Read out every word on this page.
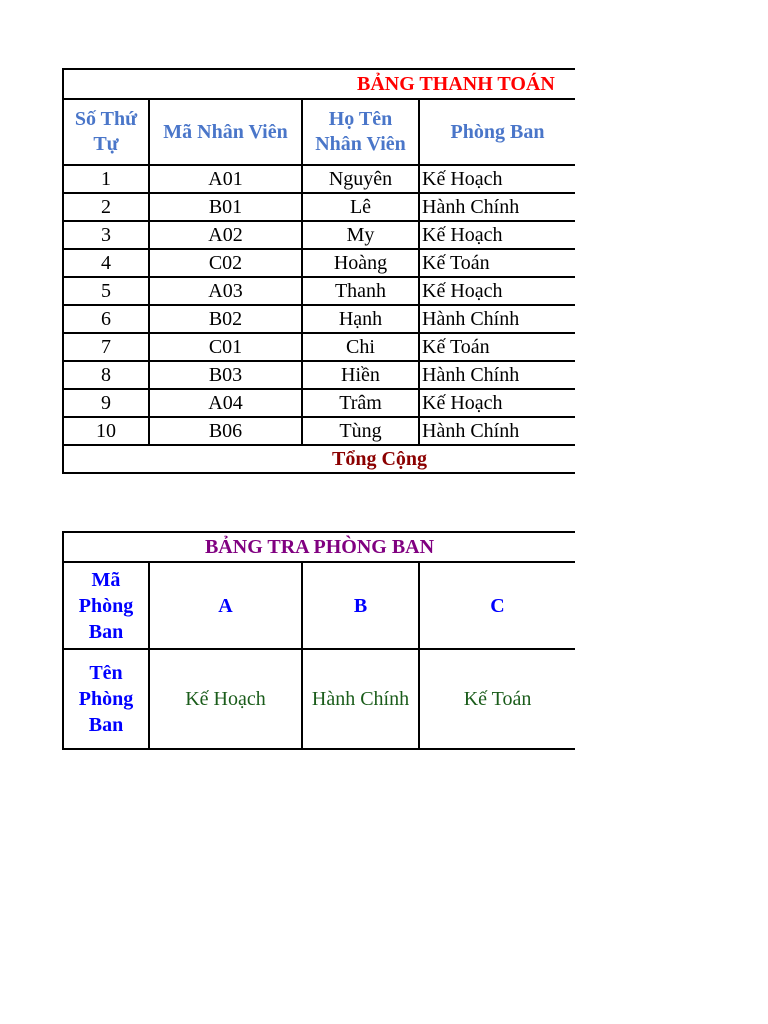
BẢNG THANH TOÁN				
Số Thứ Tự	Mã Nhân Viên	Họ Tên Nhân Viên	Phòng Ban	
1	A01	Nguyên	Kế Hoạch	
2	B01	Lê	Hành Chính	
3	A02	My	Kế Hoạch	
4	C02	Hoàng	Kế Toán	
5	A03	Thanh	Kế Hoạch	
6	B02	Hạnh	Hành Chính	
7	C01	Chi	Kế Toán	
8	B03	Hiền	Hành Chính	
9	A04	Trâm	Kế Hoạch	
10	B06	Tùng	Hành Chính	
Tổng Cộng				
BẢNG TRA PHÒNG BAN			
Mã Phòng Ban	A	B	C
Tên Phòng Ban	Kế Hoạch	Hành Chính	Kế Toán
